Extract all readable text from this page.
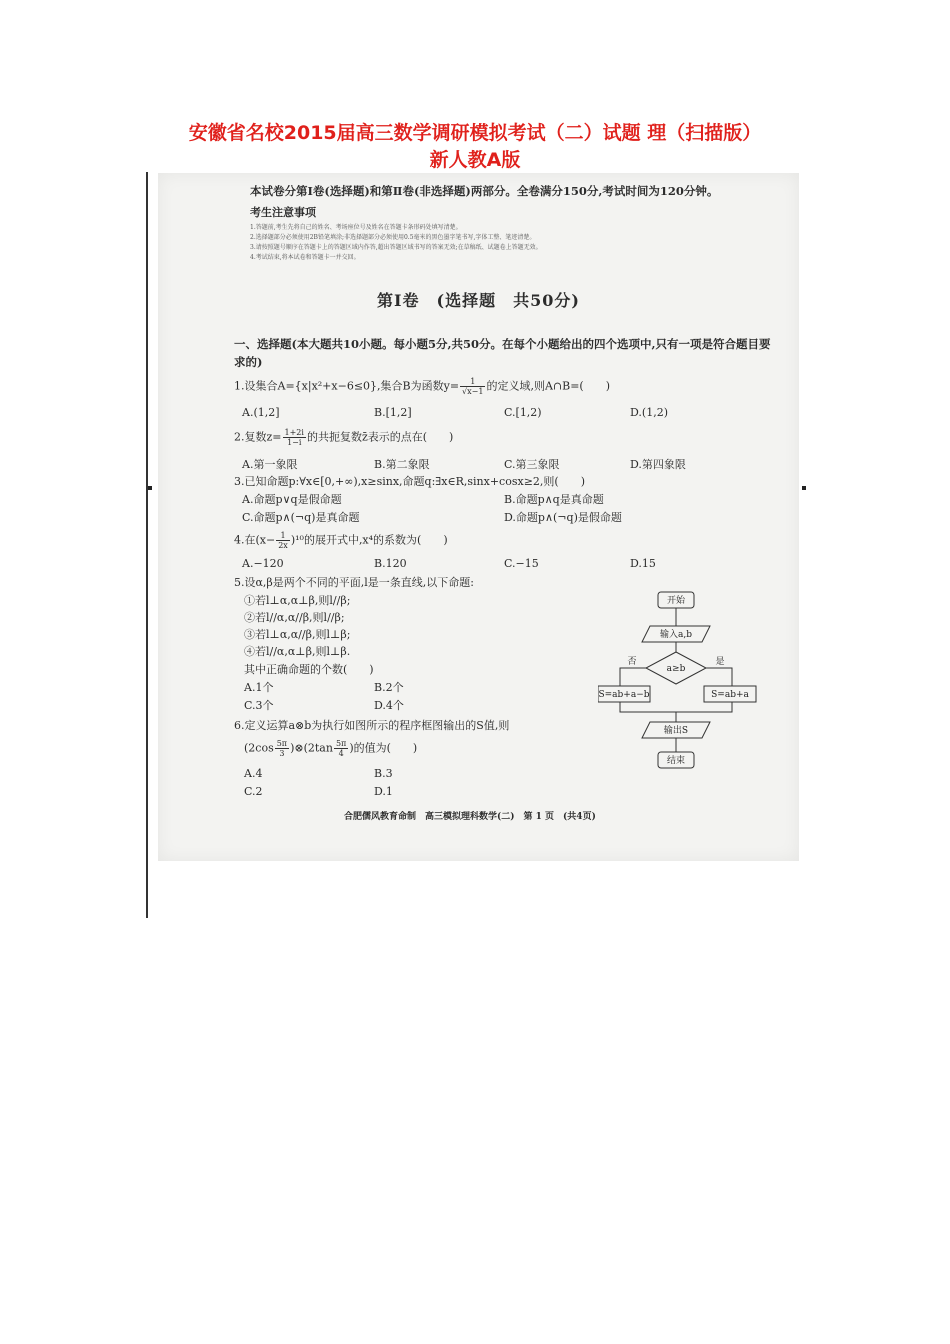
安徽省名校2015届高三数学调研模拟考试（二）试题 理（扫描版）
新人教A版
本试卷分第Ⅰ卷(选择题)和第Ⅱ卷(非选择题)两部分。全卷满分150分,考试时间为120分钟。
考生注意事项
1.答题前,考生先将自己的姓名、考场座位号及姓名在答题卡条形码处填写清楚。
2.选择题部分必须使用2B铅笔填涂;非选择题部分必须使用0.5毫米的黑色墨字笔书写,字体工整、笔迹清楚。
3.请按照题号顺序在答题卡上的答题区域内作答,超出答题区域书写的答案无效;在草稿纸、试题卷上答题无效。
4.考试结束,将本试卷和答题卡一并交回。
第Ⅰ卷　(选择题　共50分)
一、选择题(本大题共10小题。每小题5分,共50分。在每个小题给出的四个选项中,只有一项是符合题目要求的)
1.设集合A={x|x²+x−6≤0},集合B为函数$y= \frac{1}{√x-1}$ 的定义域,则A∩B=(　　)
A.(1,2]	B.[1,2]	C.[1,2)	D.(1,2)
2.复数$z= \frac{1+2i}{1-i}$ 的共扼复数z̄表示的点在(　　)
A.第一象限	B.第二象限	C.第三象限	D.第四象限
3.已知命题p:∀x∈[0,+∞),x≥sinx,命题q:∃x∈R,sinx+cosx≥2,则(　　)
A.命题p∨q是假命题	B.命题p∧q是真命题
C.命题p∧(¬q)是真命题	D.命题p∧(¬q)是假命题
4.在$(x- \frac{1}{2x} )^{10}$的展开式中,x⁴的系数为(　　)
A.−120	B.120	C.−15	D.15
5.设α,β是两个不同的平面,l是一条直线,以下命题:
①若l⊥α,α⊥β,则l//β;
②若l//α,α//β,则l//β;
③若l⊥α,α//β,则l⊥β;
④若l//α,α⊥β,则l⊥β.
其中正确命题的个数(　　)
A.1个	B.2个
C.3个	D.4个
6.定义运算a⊗b为执行如图所示的程序框图输出的S值,则
($2\cos \frac{5\pi}{3}$ )⊗(2tan $\frac{5\pi}{4}$ )的值为(　　)
A.4	B.3
C.2	D.1
开始
输入a,b
a≥b
否	是
S=ab+a−b	S=ab+a
输出S
结束
合肥儒风教育命制　高三模拟理科数学(二)　第 1 页　(共4页)
